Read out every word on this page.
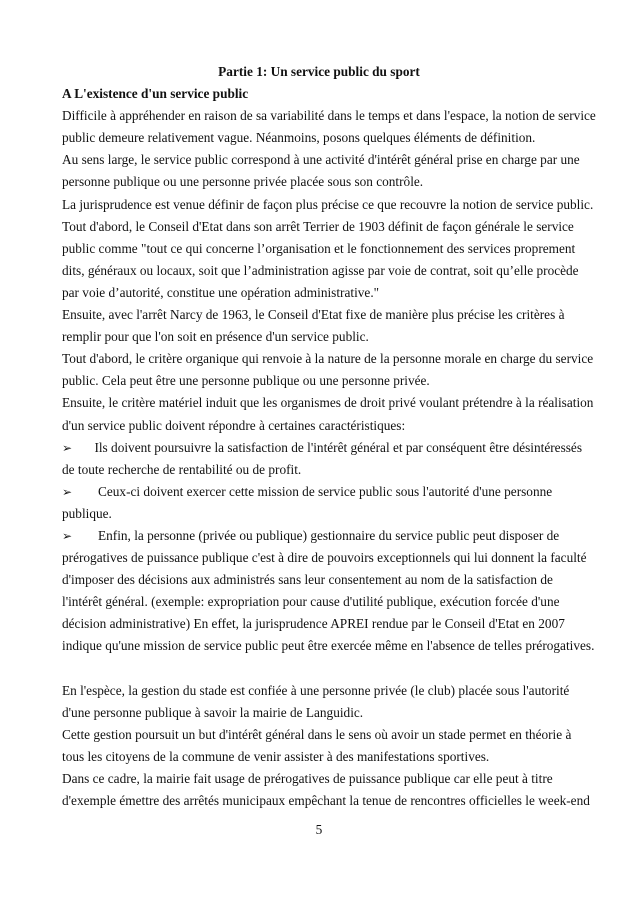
Partie 1: Un service public du sport
A L'existence d'un service public
Difficile à appréhender en raison de sa variabilité dans le temps et dans l'espace, la notion de service
public demeure relativement vague. Néanmoins, posons quelques éléments de définition.
Au sens large, le service public correspond à une activité d'intérêt général prise en charge par une
personne publique ou une personne privée placée sous son contrôle.
La jurisprudence est venue définir de façon plus précise ce que recouvre la notion de service public.
Tout d'abord, le Conseil d'Etat dans son arrêt Terrier de 1903 définit de façon générale le service
public comme "tout ce qui concerne l’organisation et le fonctionnement des services proprement
dits, généraux ou locaux, soit que l’administration agisse par voie de contrat, soit qu’elle procède
par voie d’autorité, constitue une opération administrative."
Ensuite, avec l'arrêt Narcy de 1963, le Conseil d'Etat fixe de manière plus précise les critères à
remplir pour que l'on soit en présence d'un service public.
Tout d'abord, le critère organique qui renvoie à la nature de la personne morale en charge du service
public. Cela peut être une personne publique ou une personne privée.
Ensuite, le critère matériel induit que les organismes de droit privé voulant prétendre à la réalisation
d'un service public doivent répondre à certaines caractéristiques:
➢	Ils doivent poursuivre la satisfaction de l'intérêt général et par conséquent être désintéressés
de toute recherche de rentabilité ou de profit.
➢	Ceux-ci doivent exercer cette mission de service public sous l'autorité d'une personne
publique.
➢	Enfin, la personne (privée ou publique) gestionnaire du service public peut disposer de
prérogatives de puissance publique c'est à dire de pouvoirs exceptionnels qui lui donnent la faculté
d'imposer des décisions aux administrés sans leur consentement au nom de la satisfaction de
l'intérêt général. (exemple: expropriation pour cause d'utilité publique, exécution forcée d'une
décision administrative) En effet, la jurisprudence APREI rendue par le Conseil d'Etat en 2007
indique qu'une mission de service public peut être exercée même en l'absence de telles prérogatives.
En l'espèce, la gestion du stade est confiée à une personne privée (le club) placée sous l'autorité
d'une personne publique à savoir la mairie de Languidic.
Cette gestion poursuit un but d'intérêt général dans le sens où avoir un stade permet en théorie à
tous les citoyens de la commune de venir assister à des manifestations sportives.
Dans ce cadre, la mairie fait usage de prérogatives de puissance publique car elle peut à titre
d'exemple émettre des arrêtés municipaux empêchant la tenue de rencontres officielles le week-end
5
